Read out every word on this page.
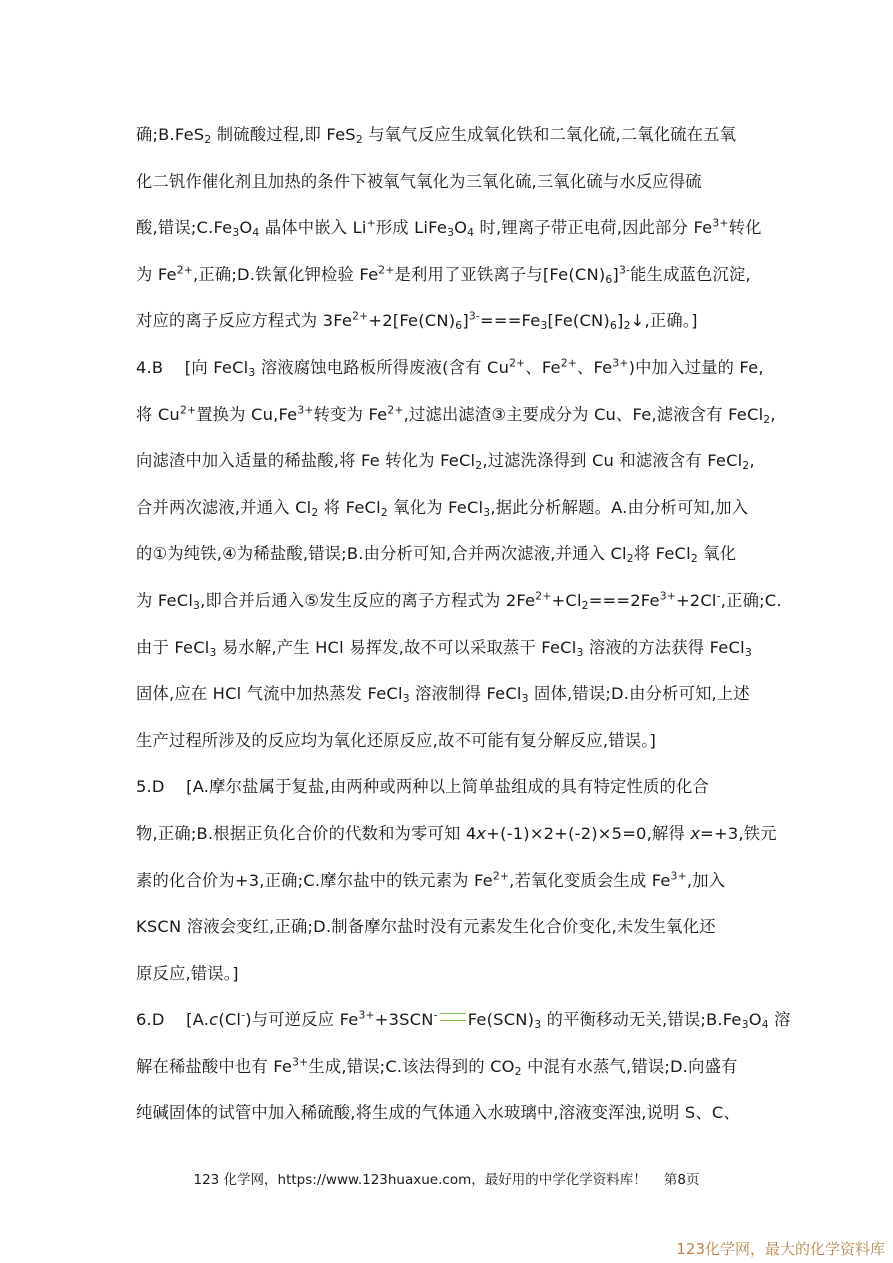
确;B.FeS$_2$ 制硫酸过程,即 FeS$_2$ 与氧气反应生成氧化铁和二氧化硫,二氧化硫在五氧
化二钒作催化剂且加热的条件下被氧气氧化为三氧化硫,三氧化硫与水反应得硫
酸,错误$;C.Fe_3O_4$ 晶体中嵌入 Li+形成 $LiFe_3O_4$ 时,锂离子带正电荷,因此部分 $Fe^{3+}$转化
为 $Fe^{2+}$,正确;D.铁氰化钾检验 $Fe^{2+}$是利用了亚铁离子与$[Fe(CN)_6]^{3-}$能生成蓝色沉淀,
对应的离子反应方程式为 $3Fe^{2+}+2[Fe(CN)_6]^{3-}===Fe_3[Fe(CN)_6]_2↓$,正确。]
4.B    [向 FeCl$_3$ 溶液腐蚀电路板所得废液(含有 $Cu^{2+}$、$Fe^{2+}$、$Fe^{3+}$)中加入过量的 Fe,
将 $Cu^{2+}$置换为 $Cu,Fe^{3+}$转变为 $Fe^{2+}$,过滤出滤渣③主要成分为 Cu、Fe,滤液含有 FeCl$_2$,
向滤渣中加入适量的稀盐酸,将 Fe 转化为 FeCl$_2$,过滤洗涤得到 Cu 和滤液含有 FeCl$_2$,
合并两次滤液,并通入 $Cl_2$ 将 FeCl$_2$ 氧化为 FeCl$_3$,据此分析解题。A.由分析可知,加入
的①为纯铁,④为稀盐酸,错误;B.由分析可知,合并两次滤液,并通入 $Cl_2$将 FeCl$_2$ 氧化
为 FeCl$_3$,即合并后通入⑤发生反应的离子方程式为 $2Fe^{2+}+Cl_2===2Fe^{3+}+2Cl^-$,正确;C.
由于 FeCl$_3$ 易水解,产生 HCl 易挥发,故不可以采取蒸干 FeCl$_3$ 溶液的方法获得 FeCl$_3$
固体,应在 HCl 气流中加热蒸发 FeCl$_3$ 溶液制得 FeCl$_3$ 固体,错误;D.由分析可知,上述
生产过程所涉及的反应均为氧化还原反应,故不可能有复分解反应,错误。]
5.D    [A.摩尔盐属于复盐,由两种或两种以上简单盐组成的具有特定性质的化合
物,正确;B.根据正负化合价的代数和为零可知 4x+(-1)×2+(-2)×5=0,解得 x=+3,铁元
素的化合价为+3,正确;C.摩尔盐中的铁元素为 $Fe^{2+}$,若氧化变质会生成 $Fe^{3+}$,加入
KSCN 溶液会变红,正确;D.制备摩尔盐时没有元素发生化合价变化,未发生氧化还
原反应,错误。]
6.D    [A.c(Cl-)与可逆反应 $Fe^{3+}+3SCN^-$ $Fe(SCN)_3$ 的平衡移动无关,错误$;B.Fe_3O_4$ 溶
解在稀盐酸中也有 $Fe^{3+}$生成,错误;C.该法得到的 $CO_2$ 中混有水蒸气,错误;D.向盛有
纯碱固体的试管中加入稀硫酸,将生成的气体通入水玻璃中,溶液变浑浊,说明 S、C、
123 化学网，https://www.123huaxue.com，最好用的中学化学资料库！ 第8页
123化学网，最大的化学资料库
